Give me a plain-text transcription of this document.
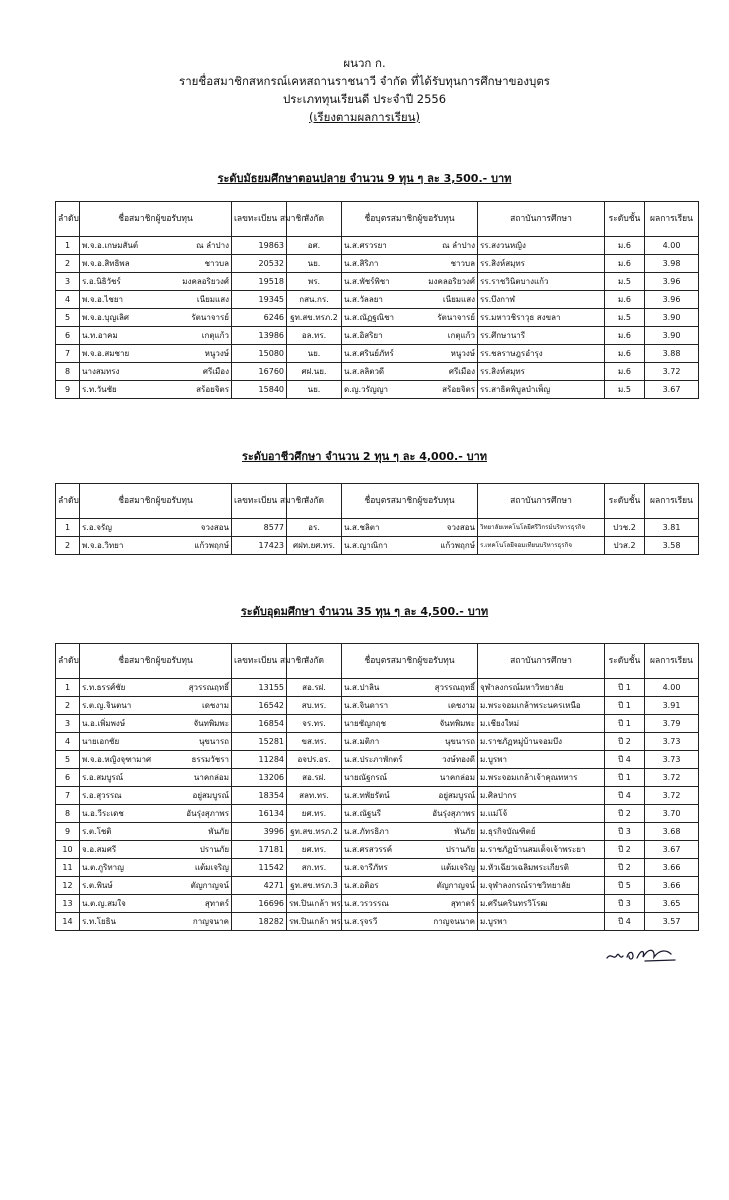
ผนวก ก.
รายชื่อสมาชิกสหกรณ์เคหสถานราชนาวี จำกัด ที่ได้รับทุนการศึกษาของบุตร
ประเภททุนเรียนดี ประจำปี 2556
(เรียงตามผลการเรียน)
ระดับมัธยมศึกษาตอนปลาย จำนวน 9 ทุน ๆ ละ 3,500.- บาท
ลำดับ	ชื่อสมาชิกผู้ขอรับทุน	เลขทะเบียน สมาชิก	สังกัด	ชื่อบุตรสมาชิกผู้ขอรับทุน	สถาบันการศึกษา	ระดับชั้น	ผลการเรียน
1	พ.จ.อ.เกษมสันต์ ณ ลำปาง	19863	อศ.	น.ส.ศรวรยา ณ ลำปาง	รร.สงวนหญิง	ม.6	4.00
2	พ.จ.อ.สิทธิพล ชาวบล	20532	นย.	น.ส.สิริภา ชาวบล	รร.สิงห์สมุทร	ม.6	3.98
3	ร.อ.นิธิวัชร์ มงคลอริยวงศ์	19518	พร.	น.ส.พัชร์พิชา มงคลอริยวงศ์	รร.ราชวินิตบางแก้ว	ม.5	3.96
4	พ.จ.อ.ไชยา เนียมแสง	19345	กสน.กร.	น.ส.วัลลยา เนียมแสง	รร.บึงกาฬ	ม.6	3.96
5	พ.จ.อ.บุญเลิศ รัตนาจารย์	6246	ฐท.สข.ทรภ.2	น.ส.ณัฏฐณิชา รัตนาจารย์	รร.มหาวชิราวุธ สงขลา	ม.5	3.90
6	น.ท.อาคม เกตุแก้ว	13986	อล.ทร.	น.ส.อิสริยา เกตุแก้ว	รร.ศึกษานารี	ม.6	3.90
7	พ.จ.อ.สมชาย หนูวงษ์	15080	นย.	น.ส.ศรินย์ภัทร์ หนูวงษ์	รร.ชลราษฎรอำรุง	ม.6	3.88
8	นางสมทรง ศรีเมือง	16760	ศฝ.นย.	น.ส.ลลิตวดี ศรีเมือง	รร.สิงห์สมุทร	ม.6	3.72
9	ร.ท.วันชัย สร้อยจิตร	15840	นย.	ด.ญ.วรัญญา สร้อยจิตร	รร.สาธิตพิบูลบำเพ็ญ	ม.5	3.67
ระดับอาชีวศึกษา จำนวน 2 ทุน ๆ ละ 4,000.- บาท
ลำดับ	ชื่อสมาชิกผู้ขอรับทุน	เลขทะเบียน สมาชิก	สังกัด	ชื่อบุตรสมาชิกผู้ขอรับทุน	สถาบันการศึกษา	ระดับชั้น	ผลการเรียน
1	ร.อ.จรัญ จวงสอน	8577	อร.	น.ส.ชลิตา จวงสอน	วิทยาลัยเทคโนโลยีศรีวิกรม์บริหารธุรกิจ	ปวช.2	3.81
2	พ.จ.อ.วิทยา แก้วพฤกษ์	17423	ศฝท.ยศ.ทร.	น.ส.ญาณิกา แก้วพฤกษ์	ร.เทคโนโลยีจอมเทียนบริหารธุรกิจ	ปวส.2	3.58
ระดับอุดมศึกษา จำนวน 35 ทุน ๆ ละ 4,500.- บาท
ลำดับ	ชื่อสมาชิกผู้ขอรับทุน	เลขทะเบียน สมาชิก	สังกัด	ชื่อบุตรสมาชิกผู้ขอรับทุน	สถาบันการศึกษา	ระดับชั้น	ผลการเรียน
1	ร.ท.ธรรศ์ชัย สุวรรณฤทธิ์	13155	สอ.รฝ.	น.ส.ปาลิน สุวรรณฤทธิ์	จุฬาลงกรณ์มหาวิทยาลัย	ปี 1	4.00
2	ร.ต.ญ.จินตนา เดชงาม	16542	สบ.ทร.	น.ส.จินดารา เดชงาม	ม.พระจอมเกล้าพระนครเหนือ	ปี 1	3.91
3	น.อ.เพิ่มพงษ์ จันทพิมพะ	16854	จร.ทร.	นายชัญกฤช จันทพิมพะ	ม.เชียงใหม่	ปี 1	3.79
4	นายเอกชัย นุขนารถ	15281	ขส.ทร.	น.ส.มติกา นุขนารถ	ม.ราชภัฏหมู่บ้านจอมบึง	ปี 2	3.73
5	พ.จ.อ.หญิงจุฑามาศ ธรรมวัชรา	11284	อจปร.อร.	น.ส.ประภาพักตร์ วงษ์ทองดี	ม.บูรพา	ปี 4	3.73
6	ร.อ.สมบูรณ์ นาคกล่อม	13206	สอ.รฝ.	นายณัฐกรณ์ นาคกล่อม	ม.พระจอมเกล้าเจ้าคุณทหาร	ปี 1	3.72
7	ร.อ.สุวรรณ อยู่สมบูรณ์	18354	สลท.ทร.	น.ส.ทพัยรัตน์ อยู่สมบูรณ์	ม.ศิลปากร	ปี 4	3.72
8	น.อ.วีระเดช อันรุ่งสุภาพร	16134	ยศ.ทร.	น.ส.ณัฐนรี อันรุ่งสุภาพร	ม.แม่โจ้	ปี 2	3.70
9	ร.ต.โชติ พันภัย	3996	ฐท.สข.ทรภ.2	น.ส.ภัทรธิภา พันภัย	ม.ธุรกิจบัณฑิตย์	ปี 3	3.68
10	จ.อ.สมศรี ปรานภัย	17181	ยศ.ทร.	น.ส.ศรสวรรค์ ปรานภัย	ม.ราชภัฏบ้านสมเด็จเจ้าพระยา	ปี 2	3.67
11	น.ต.ภูริทาญ แต้มเจริญ	11542	สก.ทร.	น.ส.จารีภัทร แต้มเจริญ	ม.หัวเฉียวเฉลิมพระเกียรติ	ปี 2	3.66
12	ร.ต.พินษ์ ตัญกาญจน์	4271	ฐท.สข.ทรภ.3	น.ส.อติอร ตัญกาญจน์	ม.จุฬาลงกรณ์ราชวิทยาลัย	ปี 5	3.66
13	น.ต.ญ.สมใจ สุทาตร์	16696	รพ.ปินเกล้า พร.	น.ส.วรวรรณ สุทาตร์	ม.ศรีนครินทรวิโรฒ	ปี 3	3.65
14	ร.ท.โยธิน กาญจนาค	18282	รพ.ปินเกล้า พร.	น.ส.รุจรวี กาญจนนาค	ม.บูรพา	ปี 4	3.57
